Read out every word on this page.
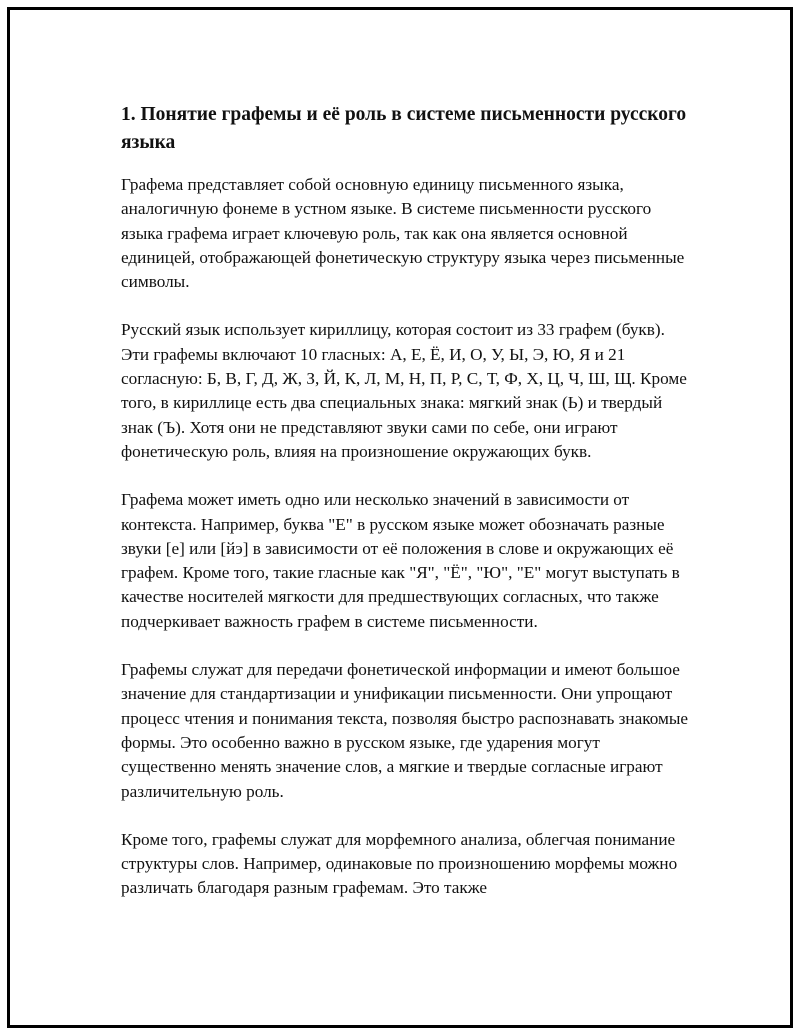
1. Понятие графемы и её роль в системе письменности русского языка

Графема представляет собой основную единицу письменного языка, аналогичную фонеме в устном языке. В системе письменности русского языка графема играет ключевую роль, так как она является основной единицей, отображающей фонетическую структуру языка через письменные символы.

Русский язык использует кириллицу, которая состоит из 33 графем (букв). Эти графемы включают 10 гласных: А, Е, Ё, И, О, У, Ы, Э, Ю, Я и 21 согласную: Б, В, Г, Д, Ж, З, Й, К, Л, М, Н, П, Р, С, Т, Ф, Х, Ц, Ч, Ш, Щ. Кроме того, в кириллице есть два специальных знака: мягкий знак (Ь) и твердый знак (Ъ). Хотя они не представляют звуки сами по себе, они играют фонетическую роль, влияя на произношение окружающих букв.

Графема может иметь одно или несколько значений в зависимости от контекста. Например, буква "Е" в русском языке может обозначать разные звуки [е] или [йэ] в зависимости от её положения в слове и окружающих её графем. Кроме того, такие гласные как "Я", "Ё", "Ю", "Е" могут выступать в качестве носителей мягкости для предшествующих согласных, что также подчеркивает важность графем в системе письменности.

Графемы служат для передачи фонетической информации и имеют большое значение для стандартизации и унификации письменности. Они упрощают процесс чтения и понимания текста, позволяя быстро распознавать знакомые формы. Это особенно важно в русском языке, где ударения могут существенно менять значение слов, а мягкие и твердые согласные играют различительную роль.

Кроме того, графемы служат для морфемного анализа, облегчая понимание структуры слов. Например, одинаковые по произношению морфемы можно различать благодаря разным графемам. Это также
